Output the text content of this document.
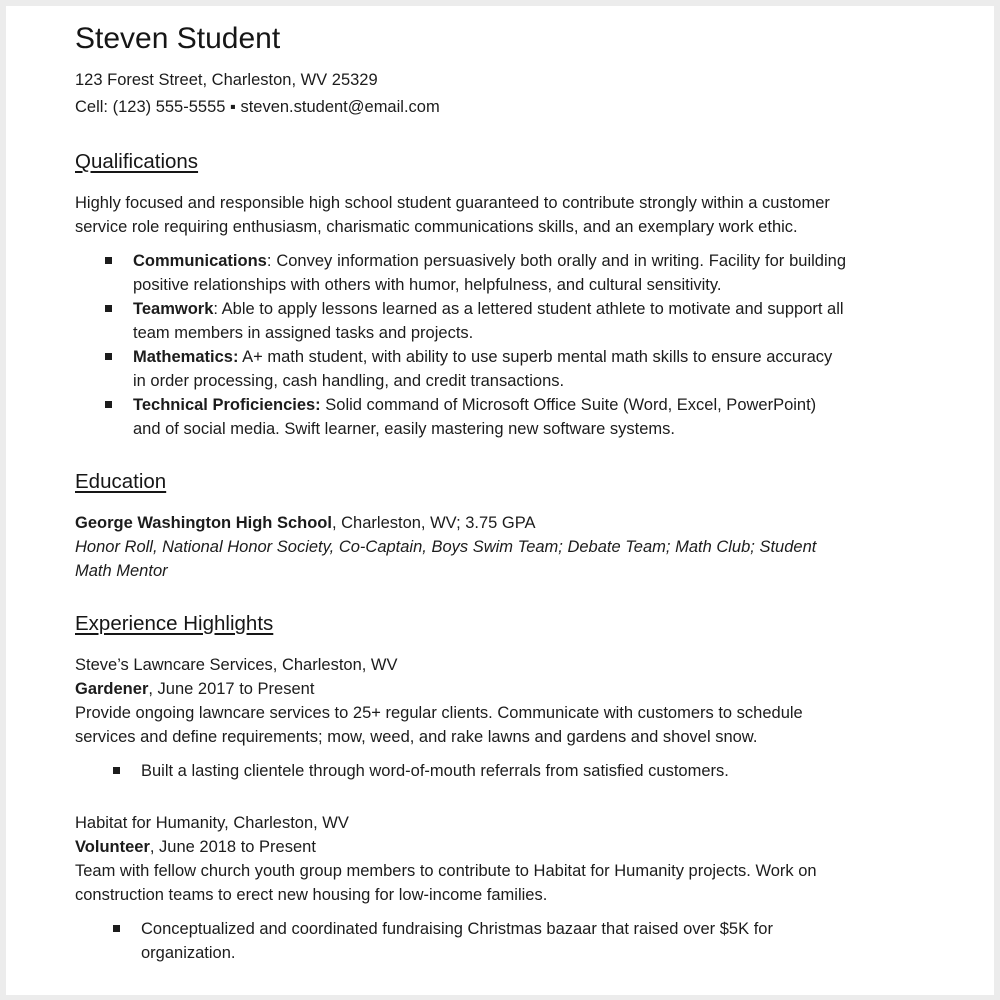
Steven Student

123 Forest Street, Charleston, WV 25329

Cell: (123) 555-5555 ▪ steven.student@email.com

Qualifications

Highly focused and responsible high school student guaranteed to contribute strongly within a customer service role requiring enthusiasm, charismatic communications skills, and an exemplary work ethic.

Communications: Convey information persuasively both orally and in writing. Facility for building positive relationships with others with humor, helpfulness, and cultural sensitivity.

Teamwork: Able to apply lessons learned as a lettered student athlete to motivate and support all team members in assigned tasks and projects.

Mathematics: A+ math student, with ability to use superb mental math skills to ensure accuracy in order processing, cash handling, and credit transactions.

Technical Proficiencies: Solid command of Microsoft Office Suite (Word, Excel, PowerPoint) and of social media. Swift learner, easily mastering new software systems.

Education

George Washington High School, Charleston, WV; 3.75 GPA

Honor Roll, National Honor Society, Co-Captain, Boys Swim Team; Debate Team; Math Club; Student Math Mentor

Experience Highlights

Steve’s Lawncare Services, Charleston, WV

Gardener, June 2017 to Present

Provide ongoing lawncare services to 25+ regular clients. Communicate with customers to schedule services and define requirements; mow, weed, and rake lawns and gardens and shovel snow.

Built a lasting clientele through word-of-mouth referrals from satisfied customers.

Habitat for Humanity, Charleston, WV

Volunteer, June 2018 to Present

Team with fellow church youth group members to contribute to Habitat for Humanity projects. Work on construction teams to erect new housing for low-income families.

Conceptualized and coordinated fundraising Christmas bazaar that raised over $5K for organization.
